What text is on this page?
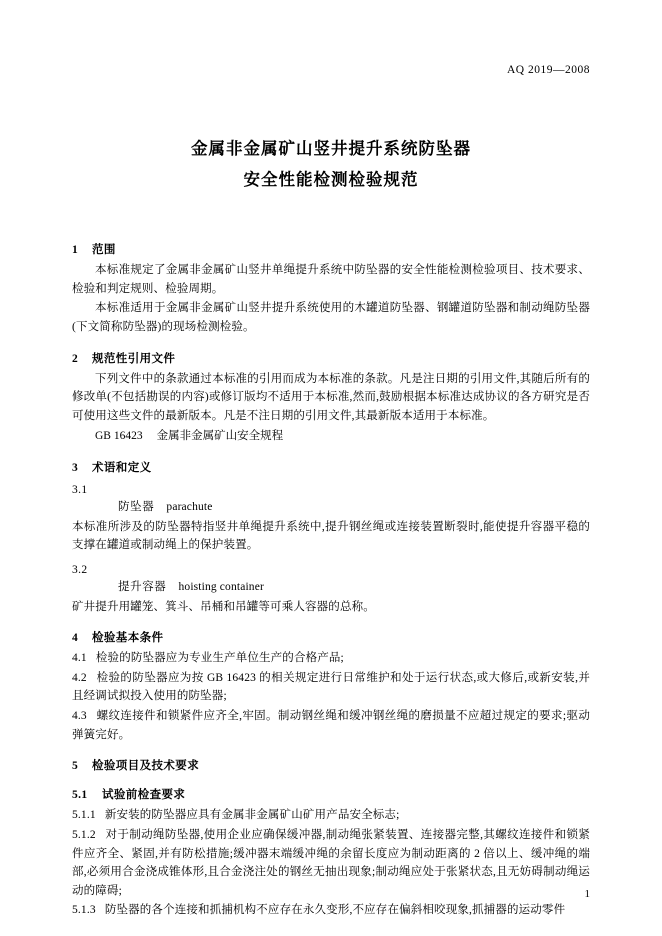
AQ 2019—2008
金属非金属矿山竖井提升系统防坠器
安全性能检测检验规范
1 范围

本标准规定了金属非金属矿山竖井单绳提升系统中防坠器的安全性能检测检验项目、技术要求、检验和判定规则、检验周期。

本标准适用于金属非金属矿山竖井提升系统使用的木罐道防坠器、钢罐道防坠器和制动绳防坠器(下文简称防坠器)的现场检测检验。

2 规范性引用文件

下列文件中的条款通过本标准的引用而成为本标准的条款。凡是注日期的引用文件,其随后所有的修改单(不包括勘误的内容)或修订版均不适用于本标准,然而,鼓励根据本标准达成协议的各方研究是否可使用这些文件的最新版本。凡是不注日期的引用文件,其最新版本适用于本标准。

GB 16423 金属非金属矿山安全规程

3 术语和定义
3.1

防坠器 parachute

本标准所涉及的防坠器特指竖井单绳提升系统中,提升钢丝绳或连接装置断裂时,能使提升容器平稳的支撑在罐道或制动绳上的保护装置。

3.2

提升容器 hoisting container

矿井提升用罐笼、箕斗、吊桶和吊罐等可乘人容器的总称。

4 检验基本条件

4.1 检验的防坠器应为专业生产单位生产的合格产品;

4.2 检验的防坠器应为按 GB 16423 的相关规定进行日常维护和处于运行状态,或大修后,或新安装,并且经调试拟投入使用的防坠器;

4.3 螺纹连接件和锁紧件应齐全,牢固。制动钢丝绳和缓冲钢丝绳的磨损量不应超过规定的要求;驱动弹簧完好。

5 检验项目及技术要求
5.1 试验前检查要求

5.1.1 新安装的防坠器应具有金属非金属矿山矿用产品安全标志;

5.1.2 对于制动绳防坠器,使用企业应确保缓冲器,制动绳张紧装置、连接器完整,其螺纹连接件和锁紧件应齐全、紧固,并有防松措施;缓冲器末端缓冲绳的余留长度应为制动距离的 2 倍以上、缓冲绳的端部,必须用合金浇成锥体形,且合金浇注处的钢丝无抽出现象;制动绳应处于张紧状态,且无妨碍制动绳运动的障碍;

5.1.3 防坠器的各个连接和抓捕机构不应存在永久变形,不应存在偏斜相咬现象,抓捕器的运动零件

1
